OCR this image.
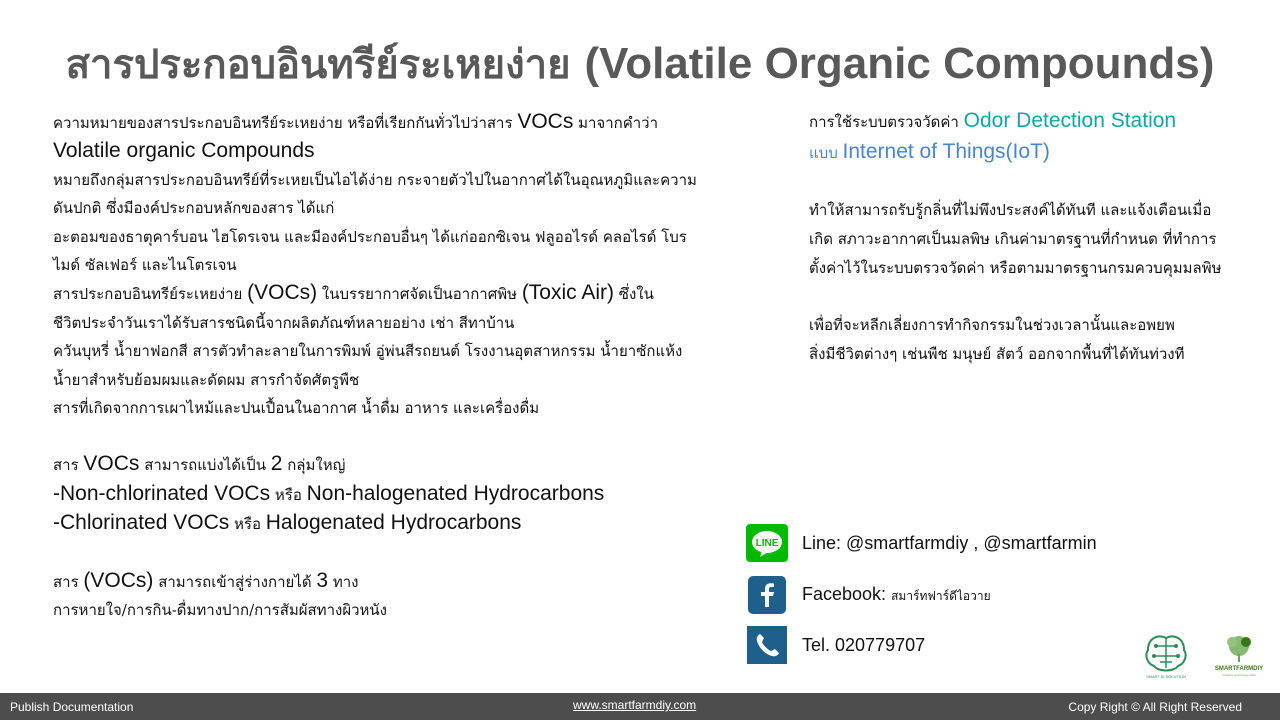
สารประกอบอินทรีย์ระเหยง่าย (Volatile Organic Compounds)
ความหมายของสารประกอบอินทรีย์ระเหยง่าย หรือที่เรียกกันทั่วไปว่าสาร VOCs มาจากคำว่า
Volatile organic Compounds
หมายถึงกลุ่มสารประกอบอินทรีย์ที่ระเหยเป็นไอได้ง่าย กระจายตัวไปในอากาศได้ในอุณหภูมิและความ
ดันปกติ ซึ่งมีองค์ประกอบหลักของสาร ได้แก่
อะตอมของธาตุคาร์บอน ไฮโดรเจน และมีองค์ประกอบอื่นๆ ได้แก่ออกซิเจน ฟลูออไรด์ คลอไรด์ โบร
ไมด์ ซัลเฟอร์ และไนโตรเจน
สารประกอบอินทรีย์ระเหยง่าย (VOCs) ในบรรยากาศจัดเป็นอากาศพิษ (Toxic Air) ซึ่งใน
ชีวิตประจำวันเราได้รับสารชนิดนี้จากผลิตภัณฑ์หลายอย่าง เช่า สีทาบ้าน
ควันบุหรี่ น้ำยาฟอกสี สารตัวทำละลายในการพิมพ์ อู่พ่นสีรถยนต์ โรงงานอุตสาหกรรม น้ำยาซักแห้ง
น้ำยาสำหรับย้อมผมและดัดผม สารกำจัดศัตรูพืช
สารที่เกิดจากการเผาไหม้และปนเปื้อนในอากาศ น้ำดื่ม อาหาร และเครื่องดื่ม
สาร VOCs สามารถแบ่งได้เป็น 2 กลุ่มใหญ่
-Non-chlorinated VOCs หรือ Non-halogenated Hydrocarbons
-Chlorinated VOCs หรือ Halogenated Hydrocarbons
สาร (VOCs) สามารถเข้าสู่ร่างกายได้ 3 ทาง
การหายใจ/การกิน-ดื่มทางปาก/การสัมผัสทางผิวหนัง
การใช้ระบบตรวจวัดค่า Odor Detection Station
แบบ Internet of Things(IoT)
ทำให้สามารถรับรู้กลิ่นที่ไม่พึงประสงค์ได้ทันที และแจ้งเตือนเมื่อ
เกิด สภาวะอากาศเป็นมลพิษ เกินค่ามาตรฐานที่กำหนด ที่ทำการ
ตั้งค่าไว้ในระบบตรวจวัดค่า หรือตามมาตรฐานกรมควบคุมมลพิษ
เพื่อที่จะหลีกเลี่ยงการทำกิจกรรมในช่วงเวลานั้นและอพยพ
สิ่งมีชีวิตต่างๆ เช่นพืช มนุษย์ สัตว์ ออกจากพื้นที่ได้ทันท่วงที
LINE Line: @smartfarmdiy , @smartfarmin
Facebook: สมาร์ทฟาร์ดีไอวาย
Tel. 020779707
SMART AI SOLUTION
SMARTFARMDIY
Creative technology plant
Publish Documentation	www.smartfarmdiy.com	Copy Right © All Right Reserved
